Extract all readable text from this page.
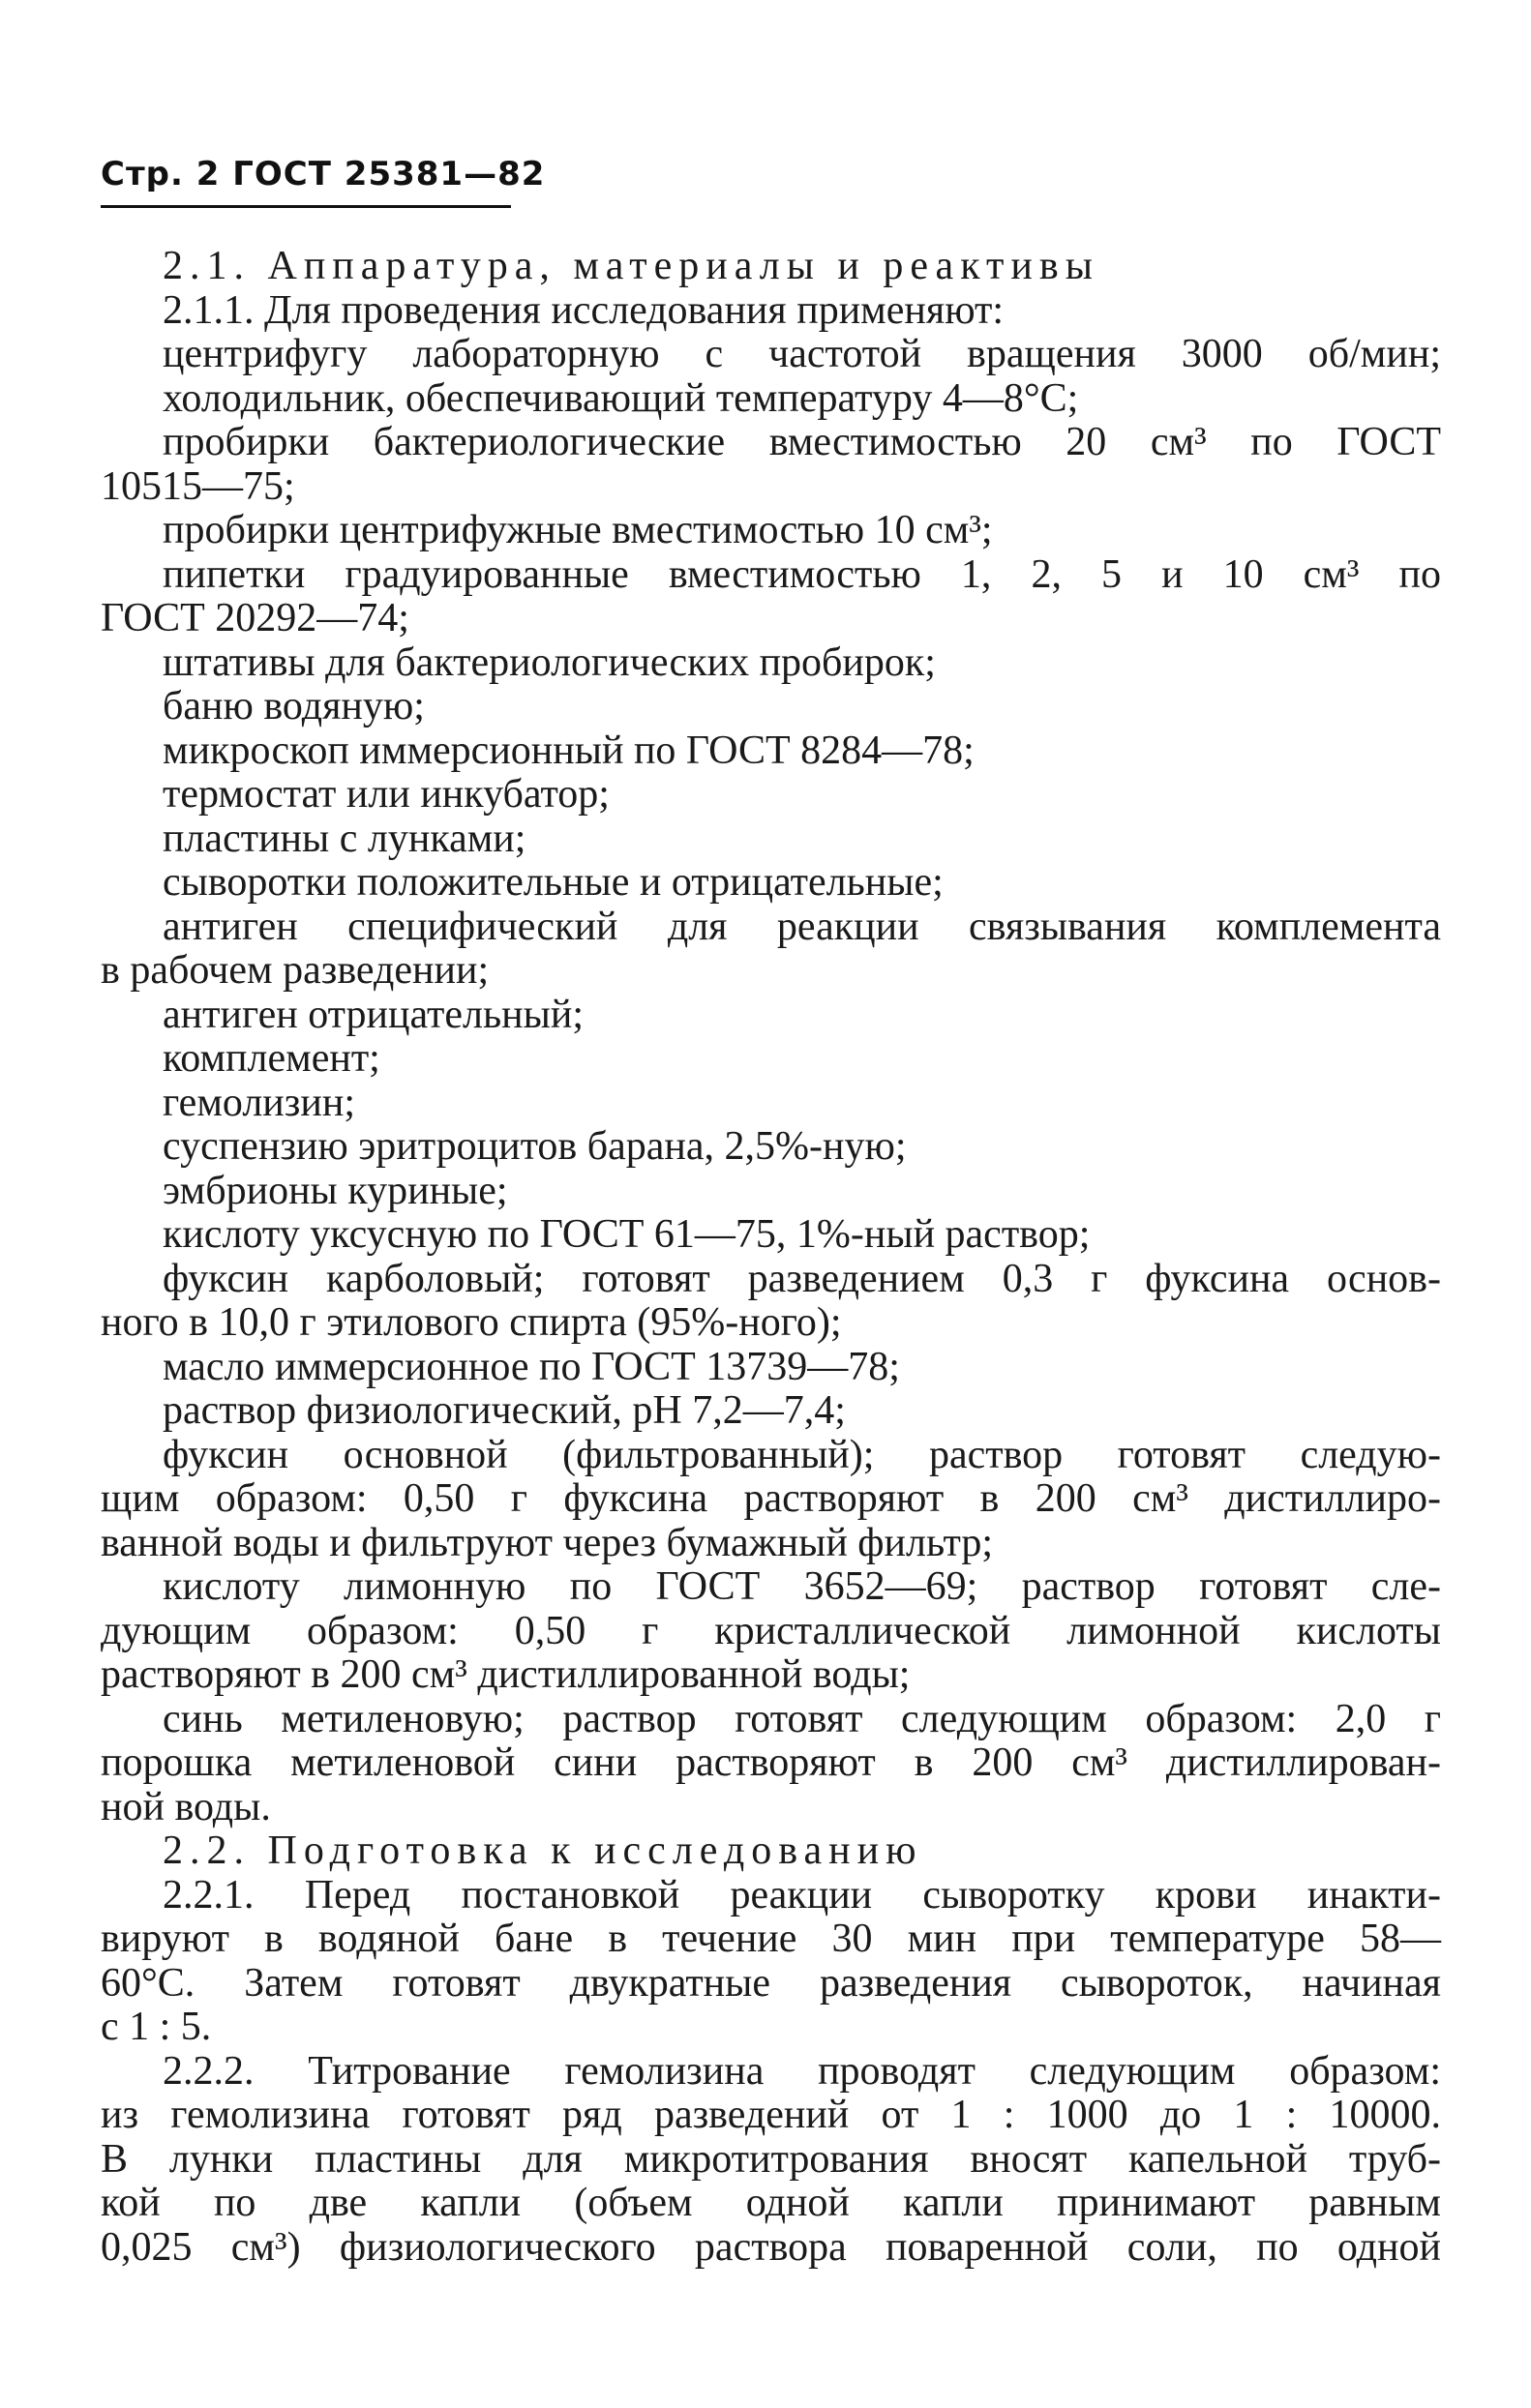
Стр. 2 ГОСТ 25381—82
2.1. Аппаратура, материалы и реактивы
2.1.1. Для проведения исследования применяют:
центрифугу лабораторную с частотой вращения 3000 об/мин;
холодильник, обеспечивающий температуру 4—8°С;
пробирки бактериологические вместимостью 20 см³ по ГОСТ
10515—75;
пробирки центрифужные вместимостью 10 см³;
пипетки градуированные вместимостью 1, 2, 5 и 10 см³ по
ГОСТ 20292—74;
штативы для бактериологических пробирок;
баню водяную;
микроскоп иммерсионный по ГОСТ 8284—78;
термостат или инкубатор;
пластины с лунками;
сыворотки положительные и отрицательные;
антиген специфический для реакции связывания комплемента
в рабочем разведении;
антиген отрицательный;
комплемент;
гемолизин;
суспензию эритроцитов барана, 2,5%-ную;
эмбрионы куриные;
кислоту уксусную по ГОСТ 61—75, 1%-ный раствор;
фуксин карболовый; готовят разведением 0,3 г фуксина основ-
ного в 10,0 г этилового спирта (95%-ного);
масло иммерсионное по ГОСТ 13739—78;
раствор физиологический, рН 7,2—7,4;
фуксин основной (фильтрованный); раствор готовят следую-
щим образом: 0,50 г фуксина растворяют в 200 см³ дистиллиро-
ванной воды и фильтруют через бумажный фильтр;
кислоту лимонную по ГОСТ 3652—69; раствор готовят сле-
дующим образом: 0,50 г кристаллической лимонной кислоты
растворяют в 200 см³ дистиллированной воды;
синь метиленовую; раствор готовят следующим образом: 2,0 г
порошка метиленовой сини растворяют в 200 см³ дистиллирован-
ной воды.
2.2. Подготовка к исследованию
2.2.1. Перед постановкой реакции сыворотку крови инакти-
вируют в водяной бане в течение 30 мин при температуре 58—
60°С. Затем готовят двукратные разведения сывороток, начиная
с 1 : 5.
2.2.2. Титрование гемолизина проводят следующим образом:
из гемолизина готовят ряд разведений от 1 : 1000 до 1 : 10000.
В лунки пластины для микротитрования вносят капельной труб-
кой по две капли (объем одной капли принимают равным
0,025 см³) физиологического раствора поваренной соли, по одной
